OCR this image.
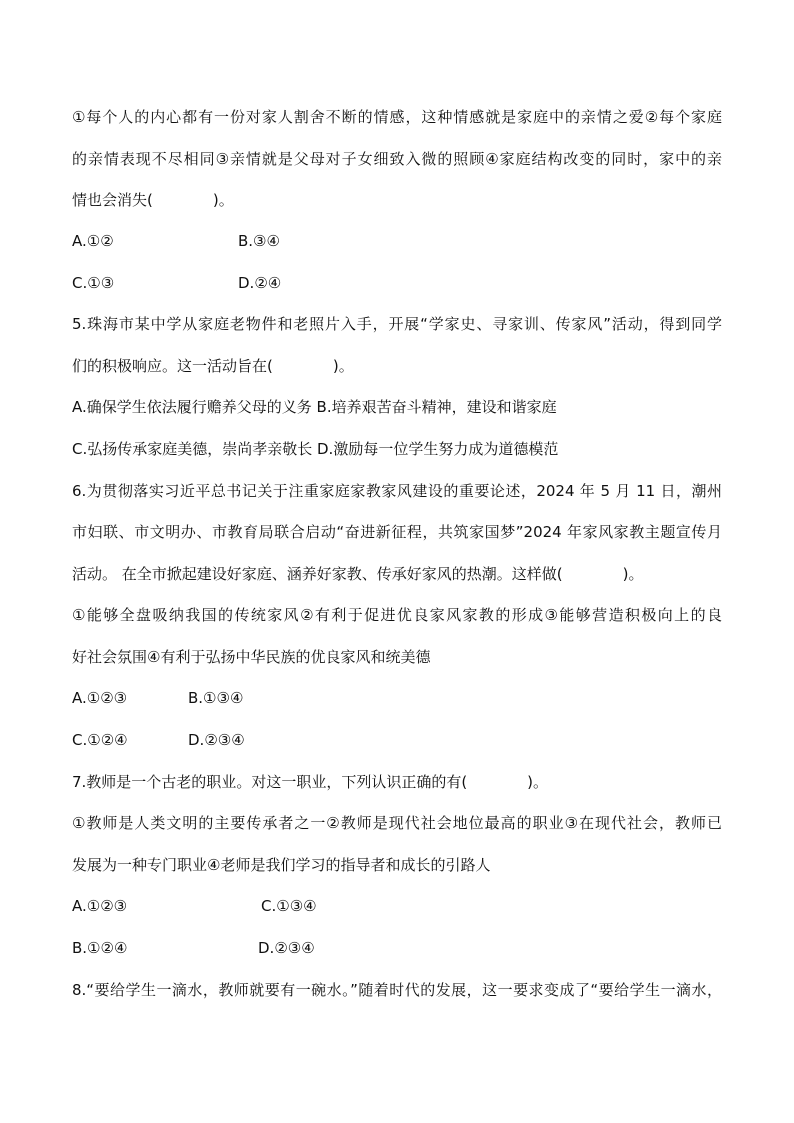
①每个人的内心都有一份对家人割舍不断的情感，这种情感就是家庭中的亲情之爱②每个家庭
的亲情表现不尽相同③亲情就是父母对子女细致入微的照顾④家庭结构改变的同时，家中的亲
情也会消失(　　　　)。
A.①②	B.③④
C.①③	D.②④
5.珠海市某中学从家庭老物件和老照片入手，开展“学家史、寻家训、传家风”活动，得到同学
们的积极响应。这一活动旨在(　　　　)。
A.确保学生依法履行赡养父母的义务 B.培养艰苦奋斗精神，建设和谐家庭
C.弘扬传承家庭美德，崇尚孝亲敬长 D.激励每一位学生努力成为道德模范
6.为贯彻落实习近平总书记关于注重家庭家教家风建设的重要论述，2024 年 5 月 11 日，潮州
市妇联、市文明办、市教育局联合启动“奋进新征程，共筑家国梦”2024 年家风家教主题宣传月
活动。 在全市掀起建设好家庭、涵养好家教、传承好家风的热潮。这样做(　　　　)。
①能够全盘吸纳我国的传统家风②有利于促进优良家风家教的形成③能够营造积极向上的良
好社会氛围④有利于弘扬中华民族的优良家风和统美德
A.①②③	B.①③④
C.①②④	D.②③④
7.教师是一个古老的职业。对这一职业，下列认识正确的有(　　　　)。
①教师是人类文明的主要传承者之一②教师是现代社会地位最高的职业③在现代社会，教师已
发展为一种专门职业④老师是我们学习的指导者和成长的引路人
A.①②③	C.①③④
B.①②④	D.②③④
8.“要给学生一滴水，教师就要有一碗水。”随着时代的发展，这一要求变成了“要给学生一滴水，
